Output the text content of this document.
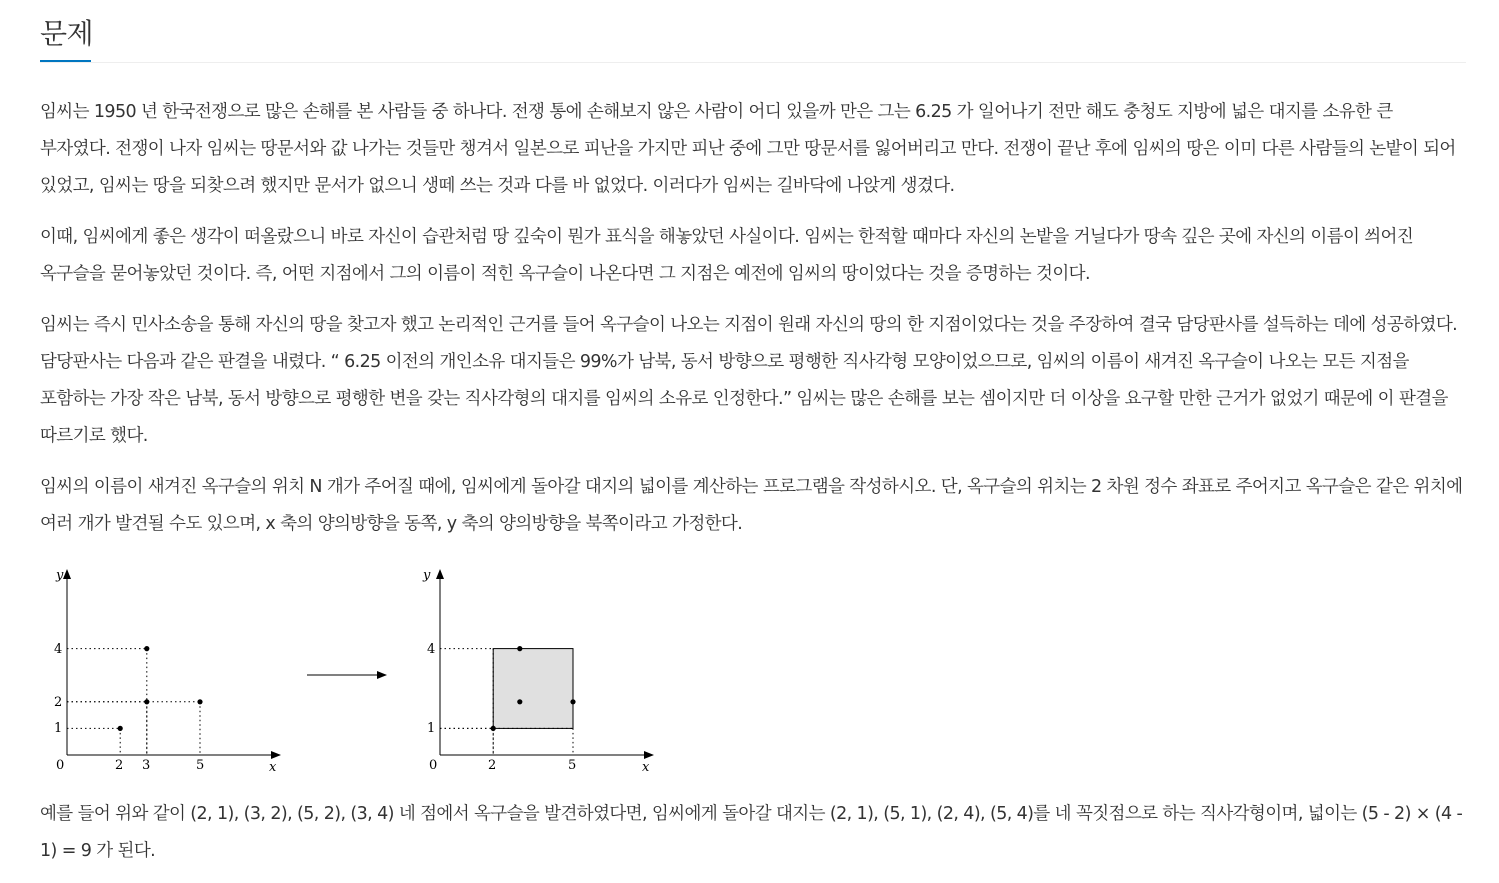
문제

임씨는 1950 년 한국전쟁으로 많은 손해를 본 사람들 중 하나다. 전쟁 통에 손해보지 않은 사람이 어디 있을까 만은 그는 6.25 가 일어나기 전만 해도 충청도 지방에 넓은 대지를 소유한 큰 부자였다. 전쟁이 나자 임씨는 땅문서와 값 나가는 것들만 챙겨서 일본으로 피난을 가지만 피난 중에 그만 땅문서를 잃어버리고 만다. 전쟁이 끝난 후에 임씨의 땅은 이미 다른 사람들의 논밭이 되어 있었고, 임씨는 땅을 되찾으려 했지만 문서가 없으니 생떼 쓰는 것과 다를 바 없었다. 이러다가 임씨는 길바닥에 나앉게 생겼다.

이때, 임씨에게 좋은 생각이 떠올랐으니 바로 자신이 습관처럼 땅 깊숙이 뭔가 표식을 해놓았던 사실이다. 임씨는 한적할 때마다 자신의 논밭을 거닐다가 땅속 깊은 곳에 자신의 이름이 씌어진 옥구슬을 묻어놓았던 것이다. 즉, 어떤 지점에서 그의 이름이 적힌 옥구슬이 나온다면 그 지점은 예전에 임씨의 땅이었다는 것을 증명하는 것이다.

임씨는 즉시 민사소송을 통해 자신의 땅을 찾고자 했고 논리적인 근거를 들어 옥구슬이 나오는 지점이 원래 자신의 땅의 한 지점이었다는 것을 주장하여 결국 담당판사를 설득하는 데에 성공하였다. 담당판사는 다음과 같은 판결을 내렸다. “ 6.25 이전의 개인소유 대지들은 99%가 남북, 동서 방향으로 평행한 직사각형 모양이었으므로, 임씨의 이름이 새겨진 옥구슬이 나오는 모든 지점을 포함하는 가장 작은 남북, 동서 방향으로 평행한 변을 갖는 직사각형의 대지를 임씨의 소유로 인정한다.” 임씨는 많은 손해를 보는 셈이지만 더 이상을 요구할 만한 근거가 없었기 때문에 이 판결을 따르기로 했다.

임씨의 이름이 새겨진 옥구슬의 위치 N 개가 주어질 때에, 임씨에게 돌아갈 대지의 넓이를 계산하는 프로그램을 작성하시오. 단, 옥구슬의 위치는 2 차원 정수 좌표로 주어지고 옥구슬은 같은 위치에 여러 개가 발견될 수도 있으며, x 축의 양의방향을 동쪽, y 축의 양의방향을 북쪽이라고 가정한다.

y
x
0	2 3	5
1
2
4
y
x
0	2	5
1
4

예를 들어 위와 같이 (2, 1), (3, 2), (5, 2), (3, 4) 네 점에서 옥구슬을 발견하였다면, 임씨에게 돌아갈 대지는 (2, 1), (5, 1), (2, 4), (5, 4)를 네 꼭짓점으로 하는 직사각형이며, 넓이는 (5 - 2) × (4 - 1) = 9 가 된다.
